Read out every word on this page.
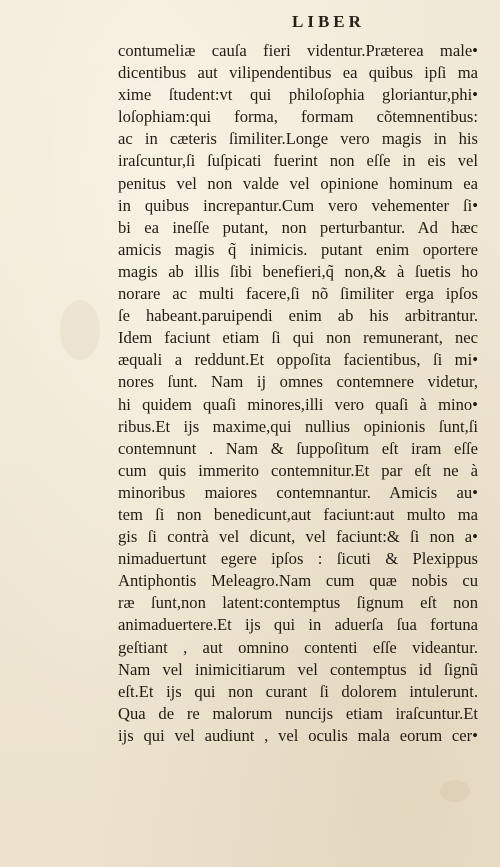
LIBER
contumeliæ cauſa fieri videntur.Præterea male•
dicentibus aut vilipendentibus ea quibus ipſi ma
xime ſtudent:vt qui philoſophia gloriantur,phi•
loſophiam:qui forma, formam cõtemnentibus:
ac in cæteris ſimiliter.Longe vero magis in his
iraſcuntur,ſi ſuſpicati fuerint non eſſe in eis vel
penitus vel non valde vel opinione hominum ea
in quibus increpantur.Cum vero vehementer ſi•
bi ea ineſſe putant, non perturbantur. Ad hæc
amicis magis q̃ inimicis. putant enim oportere
magis ab illis ſibi benefieri,q̃ non,& à ſuetis ho
norare ac multi facere,ſi nõ ſimiliter erga ipſos
ſe habeant.paruipendi enim ab his arbitrantur.
Idem faciunt etiam ſi qui non remunerant, nec
æquali a reddunt.Et oppoſita facientibus, ſi mi•
nores ſunt. Nam ij omnes contemnere videtur,
hi quidem quaſi minores,illi vero quaſi à mino•
ribus.Et ijs maxime,qui nullius opinionis ſunt,ſi
contemnunt . Nam & ſuppoſitum eſt iram eſſe
cum quis immerito contemnitur.Et par eſt ne à
minoribus maiores contemnantur. Amicis au•
tem ſi non benedicunt,aut faciunt:aut multo ma
gis ſi contrà vel dicunt, vel faciunt:& ſi non a•
nimaduertunt egere ipſos : ſicuti & Plexippus
Antiphontis Meleagro.Nam cum quæ nobis cu
ræ ſunt,non latent:contemptus ſignum eſt non
animaduertere.Et ijs qui in aduerſa ſua fortuna
geſtiant , aut omnino contenti eſſe videantur.
Nam vel inimicitiarum vel contemptus id ſignũ
eſt.Et ijs qui non curant ſi dolorem intulerunt.
Qua de re malorum nuncijs etiam iraſcuntur.Et
ijs qui vel audiunt , vel oculis mala eorum cer•
